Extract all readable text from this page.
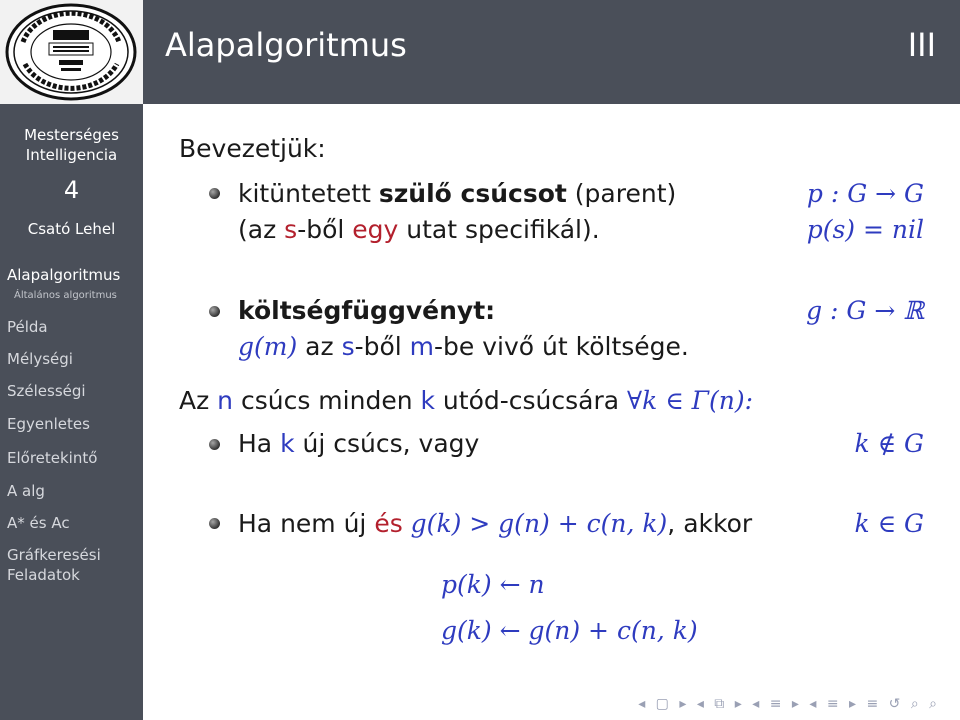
Alapalgoritmus	III
Mesterséges
Intelligencia
4
Csató Lehel
Alapalgoritmus
Általános algoritmus
Példa
Mélységi
Szélességi
Egyenletes
Előretekintő
A alg
A* és Ac
Gráfkeresési
Feladatok
Bevezetjük:
kitüntetett szülő csúcsot (parent)
(az s-ből egy utat specifikál).
p : G → G
p(s) = nil
költségfüggvényt:
g(m) az s-ből m-be vivő út költsége.
g : G → ℝ
Az n csúcs minden k utód-csúcsára ∀k ∈ Γ(n):
Ha k új csúcs, vagy	k ∉ G
Ha nem új és g(k) > g(n) + c(n, k), akkor	k ∈ G
p(k) ← n
g(k) ← g(n) + c(n, k)
◂ ▢ ▸ ◂ ⧉ ▸ ◂ ≡ ▸ ◂ ≡ ▸ ≡ ↺ ⌕ ⌕
